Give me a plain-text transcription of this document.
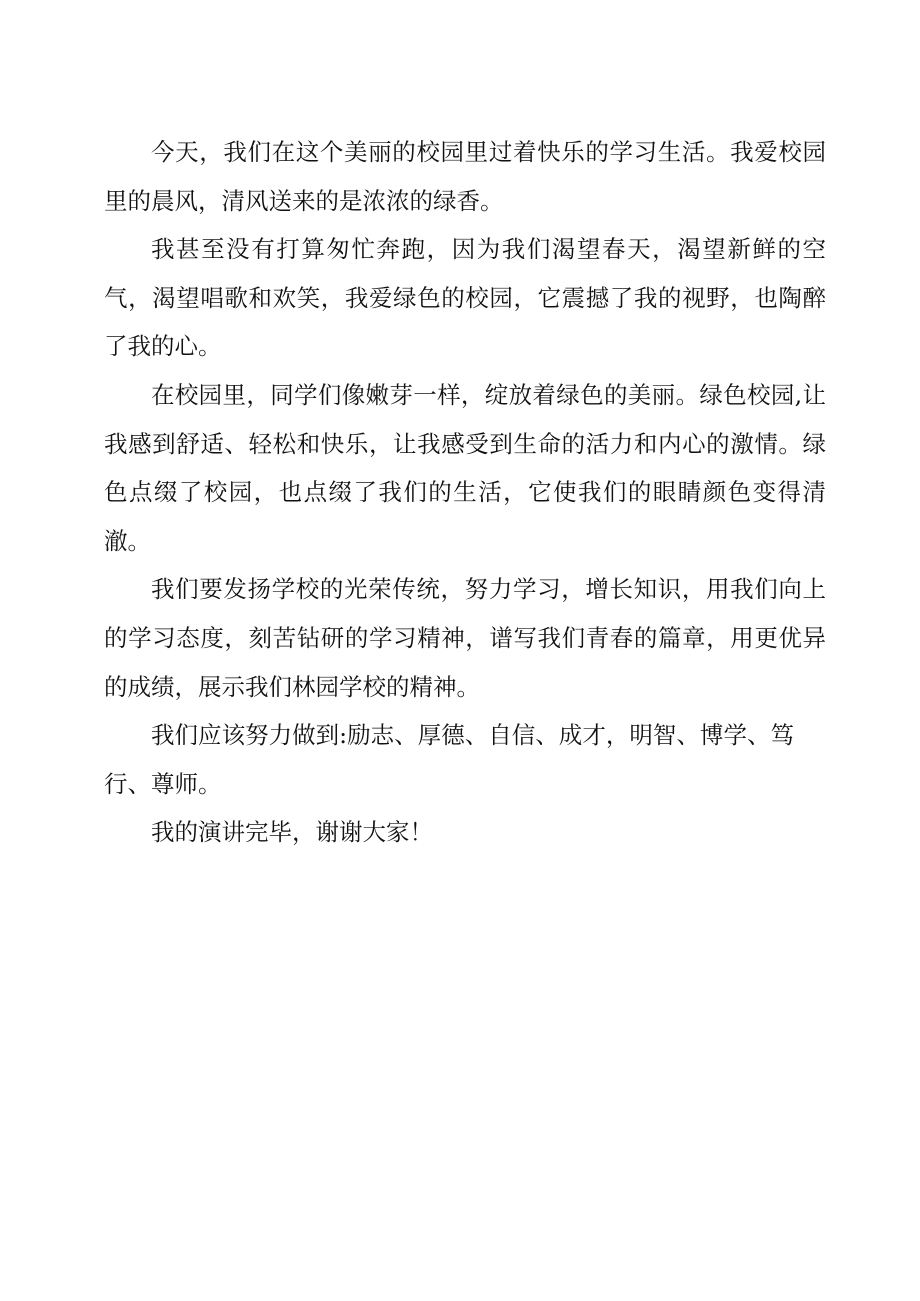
今天，我们在这个美丽的校园里过着快乐的学习生活。我爱校园里的晨风，清风送来的是浓浓的绿香。

我甚至没有打算匆忙奔跑，因为我们渴望春天，渴望新鲜的空气，渴望唱歌和欢笑，我爱绿色的校园，它震撼了我的视野，也陶醉了我的心。

在校园里，同学们像嫩芽一样，绽放着绿色的美丽。绿色校园,让我感到舒适、轻松和快乐，让我感受到生命的活力和内心的激情。绿色点缀了校园，也点缀了我们的生活，它使我们的眼睛颜色变得清澈。

我们要发扬学校的光荣传统，努力学习，增长知识，用我们向上的学习态度，刻苦钻研的学习精神，谱写我们青春的篇章，用更优异的成绩，展示我们林园学校的精神。

我们应该努力做到:励志、厚德、自信、成才，明智、博学、笃行、尊师。

我的演讲完毕，谢谢大家！
